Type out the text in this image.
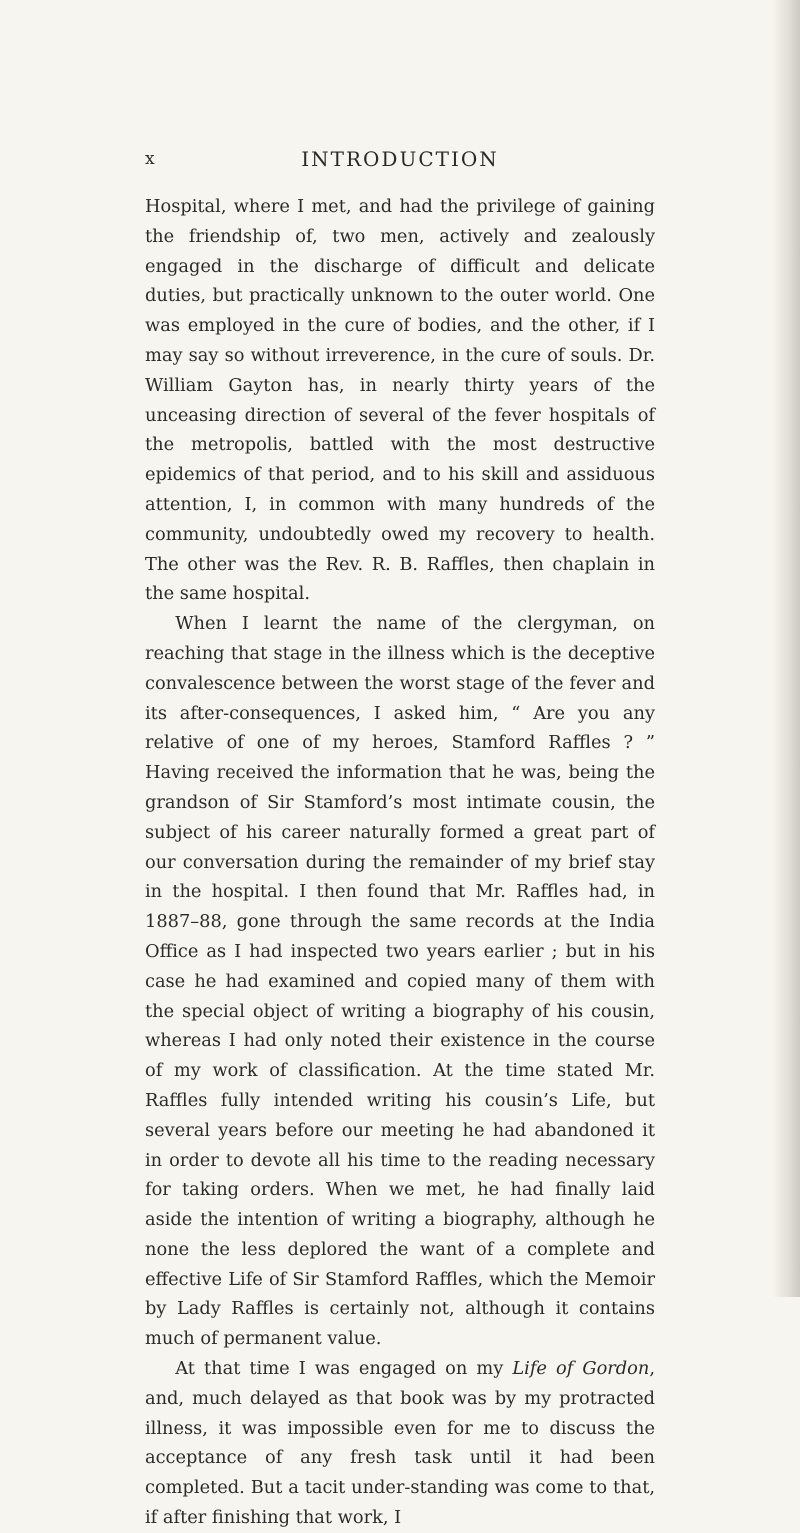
x	INTRODUCTION

Hospital, where I met, and had the privilege of gaining the friendship of, two men, actively and zealously engaged in the discharge of difficult and delicate duties, but practically unknown to the outer world. One was employed in the cure of bodies, and the other, if I may say so without irreverence, in the cure of souls. Dr. William Gayton has, in nearly thirty years of the unceasing direction of several of the fever hospitals of the metropolis, battled with the most destructive epidemics of that period, and to his skill and assiduous attention, I, in common with many hundreds of the community, undoubtedly owed my recovery to health. The other was the Rev. R. B. Raffles, then chaplain in the same hospital.

When I learnt the name of the clergyman, on reaching that stage in the illness which is the deceptive convalescence between the worst stage of the fever and its after-consequences, I asked him, “ Are you any relative of one of my heroes, Stamford Raffles ? ” Having received the information that he was, being the grandson of Sir Stamford’s most intimate cousin, the subject of his career naturally formed a great part of our conversation during the remainder of my brief stay in the hospital. I then found that Mr. Raffles had, in 1887–88, gone through the same records at the India Office as I had inspected two years earlier ; but in his case he had examined and copied many of them with the special object of writing a biography of his cousin, whereas I had only noted their existence in the course of my work of classification. At the time stated Mr. Raffles fully intended writing his cousin’s Life, but several years before our meeting he had abandoned it in order to devote all his time to the reading necessary for taking orders. When we met, he had finally laid aside the intention of writing a biography, although he none the less deplored the want of a complete and effective Life of Sir Stamford Raffles, which the Memoir by Lady Raffles is certainly not, although it contains much of permanent value.

At that time I was engaged on my Life of Gordon, and, much delayed as that book was by my protracted illness, it was impossible even for me to discuss the acceptance of any fresh task until it had been completed. But a tacit under-standing was come to that, if after finishing that work, I
